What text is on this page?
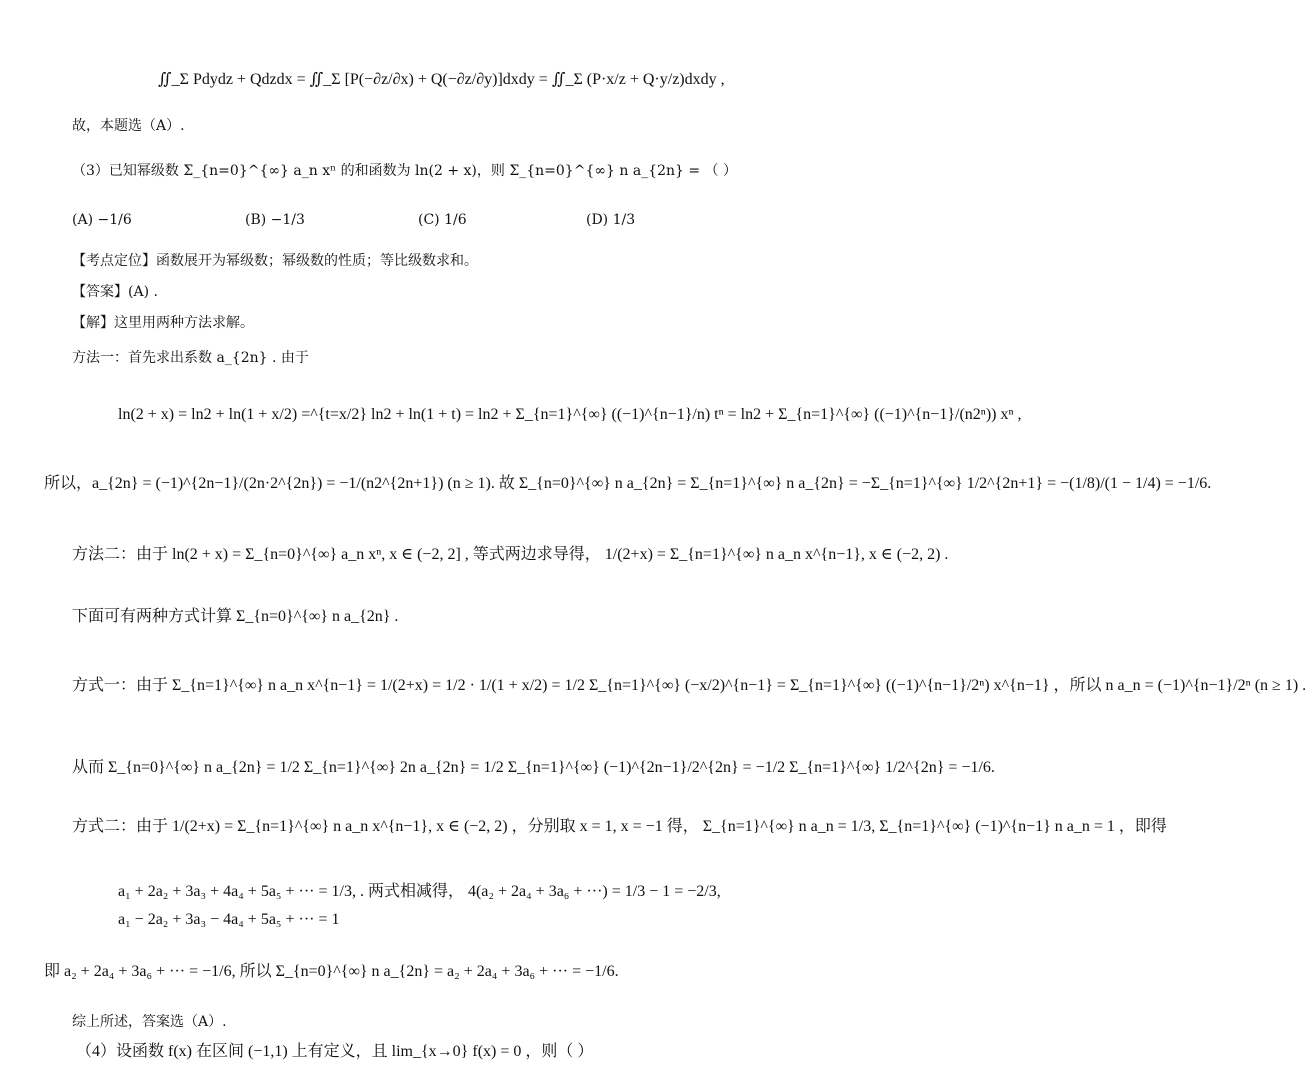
∬_Σ Pdydz + Qdzdx = ∬_Σ [P(−∂z/∂x) + Q(−∂z/∂y)]dxdy = ∬_Σ (P·x/z + Q·y/z)dxdy ,
故，本题选（A）.
（3）已知幂级数 Σ_{n=0}^{∞} a_n xⁿ 的和函数为 ln(2 + x)，则 Σ_{n=0}^{∞} n a_{2n} = （ ）
(A) −1/6	(B) −1/3	(C) 1/6	(D) 1/3
【考点定位】函数展开为幂级数；幂级数的性质；等比级数求和。
【答案】(A) .
【解】这里用两种方法求解。
方法一：首先求出系数 a_{2n} . 由于
ln(2 + x) = ln2 + ln(1 + x/2) =^{t=x/2} ln2 + ln(1 + t) = ln2 + Σ_{n=1}^{∞} ((−1)^{n−1}/n) tⁿ = ln2 + Σ_{n=1}^{∞} ((−1)^{n−1}/(n2ⁿ)) xⁿ ,
所以，a_{2n} = (−1)^{2n−1}/(2n·2^{2n}) = −1/(n2^{2n+1}) (n ≥ 1). 故 Σ_{n=0}^{∞} n a_{2n} = Σ_{n=1}^{∞} n a_{2n} = −Σ_{n=1}^{∞} 1/2^{2n+1} = −(1/8)/(1 − 1/4) = −1/6.
方法二：由于 ln(2 + x) = Σ_{n=0}^{∞} a_n xⁿ, x ∈ (−2, 2] , 等式两边求导得， 1/(2+x) = Σ_{n=1}^{∞} n a_n x^{n−1}, x ∈ (−2, 2) .
下面可有两种方式计算 Σ_{n=0}^{∞} n a_{2n} .
方式一：由于 Σ_{n=1}^{∞} n a_n x^{n−1} = 1/(2+x) = 1/2 · 1/(1 + x/2) = 1/2 Σ_{n=1}^{∞} (−x/2)^{n−1} = Σ_{n=1}^{∞} ((−1)^{n−1}/2ⁿ) x^{n−1} ，所以 n a_n = (−1)^{n−1}/2ⁿ (n ≥ 1) .
从而 Σ_{n=0}^{∞} n a_{2n} = 1/2 Σ_{n=1}^{∞} 2n a_{2n} = 1/2 Σ_{n=1}^{∞} (−1)^{2n−1}/2^{2n} = −1/2 Σ_{n=1}^{∞} 1/2^{2n} = −1/6.
方式二：由于 1/(2+x) = Σ_{n=1}^{∞} n a_n x^{n−1}, x ∈ (−2, 2) ，分别取 x = 1, x = −1 得， Σ_{n=1}^{∞} n a_n = 1/3, Σ_{n=1}^{∞} (−1)^{n−1} n a_n = 1 ，即得
a₁ + 2a₂ + 3a₃ + 4a₄ + 5a₅ + ··· = 1/3, . 两式相减得， 4(a₂ + 2a₄ + 3a₆ + ···) = 1/3 − 1 = −2/3,
a₁ − 2a₂ + 3a₃ − 4a₄ + 5a₅ + ··· = 1
即 a₂ + 2a₄ + 3a₆ + ··· = −1/6, 所以 Σ_{n=0}^{∞} n a_{2n} = a₂ + 2a₄ + 3a₆ + ··· = −1/6.
综上所述，答案选（A）.
（4）设函数 f(x) 在区间 (−1,1) 上有定义，且 lim_{x→0} f(x) = 0 ，则（ ）
